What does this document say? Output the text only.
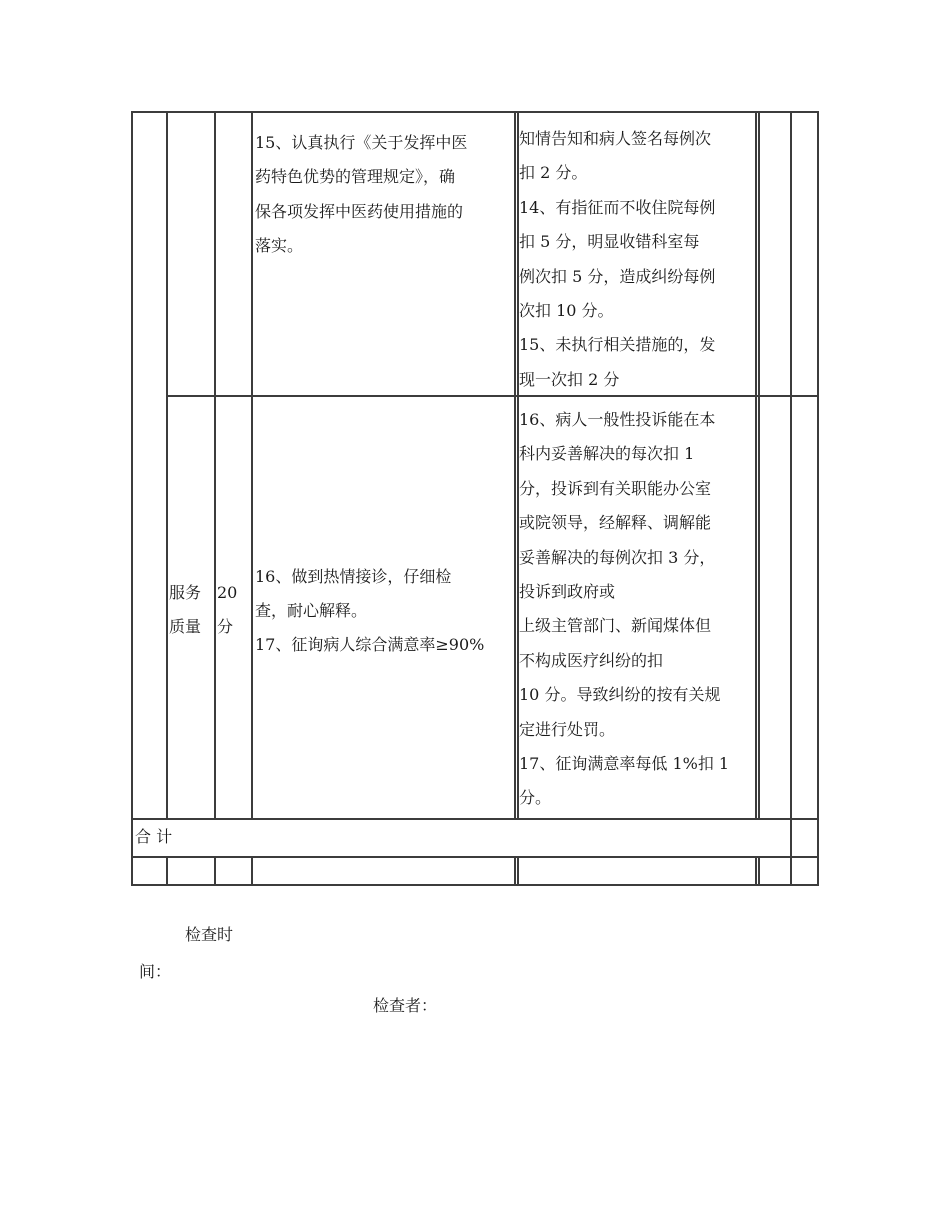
15、认真执行《关于发挥中医
药特色优势的管理规定》，确
保各项发挥中医药使用措施的
落实。
知情告知和病人签名每例次
扣 2 分。
14、有指征而不收住院每例
扣 5 分，明显收错科室每
例次扣 5 分，造成纠纷每例
次扣 10 分。
15、未执行相关措施的，发
现一次扣 2 分
服务
质量
20
分
16、做到热情接诊，仔细检
查，耐心解释。
17、征询病人综合满意率≥90%
16、病人一般性投诉能在本
科内妥善解决的每次扣 1
分，投诉到有关职能办公室
或院领导，经解释、调解能
妥善解决的每例次扣 3 分，
投诉到政府或
上级主管部门、新闻煤体但
不构成医疗纠纷的扣
10 分。导致纠纷的按有关规
定进行处罚。
17、征询满意率每低 1%扣 1
分。
合 计
检查时
间：
检查者：
